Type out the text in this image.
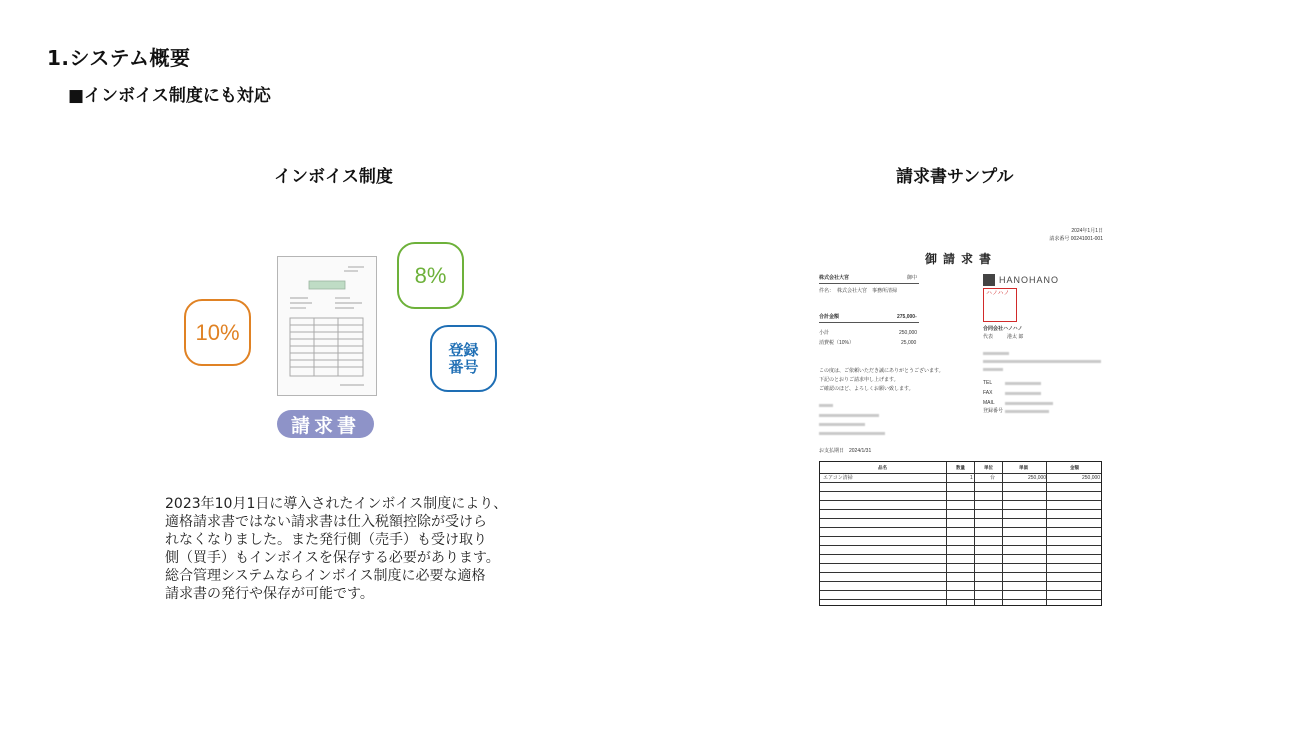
1.システム概要
■インボイス制度にも対応
インボイス制度	請求書サンプル
10%
8%
登録
番号
請求書
2023年10月1日に導入されたインボイス制度により、
適格請求書ではない請求書は仕入税額控除が受けら
れなくなりました。また発行側（売手）も受け取り
側（買手）もインボイスを保存する必要があります。
総合管理システムならインボイス制度に必要な適格
請求書の発行や保存が可能です。
2024年1月1日
請求番号 00241001-001
御請求書
株式会社大宮	御中
件名： 株式会社大宮　事務所清掃
合計金額	275,000-
小計	250,000
消費税（10%）	25,000
HANOHANO
ハノハノ
合同会社ハノハノ
代表	港太 郎
TEL
FAX
MAIL
登録番号
この度は、ご依頼いただき誠にありがとうございます。
下記のとおりご請求申し上げます。
ご確認のほど、よろしくお願い致します。
お支払期日 2024/1/31
品名	数量	単位	単価	金額
エアコン清掃	1	台	250,000	250,000
